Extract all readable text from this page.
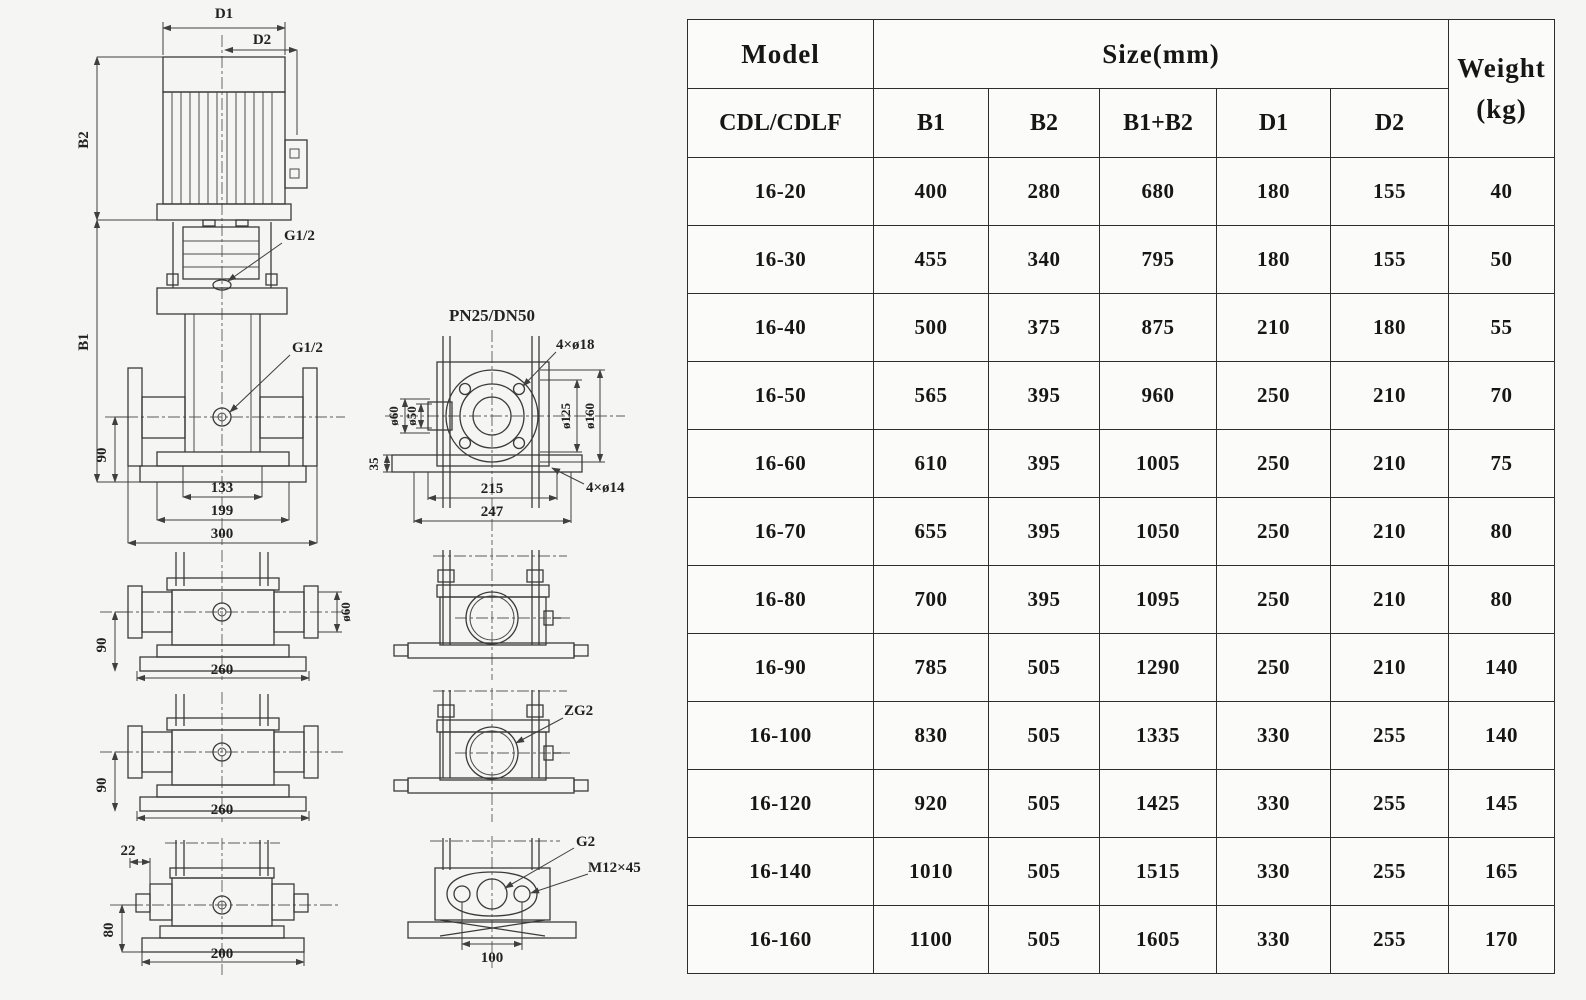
D1
D2
B2
B1
G1/2
G1/2
90
133
199
300
90
260
ø60
90
260
22
80
200
PN25/DN50
ø60 ø50	ø125 ø160
4×ø18
35
4×ø14
215
247
ZG2
G2
M12×45
100
Model	Size(mm)					Weight
(kg)
CDL/CDLF	B1	B2	B1+B2	D1	D2	
16-20	400	280	680	180	155	40
16-30	455	340	795	180	155	50
16-40	500	375	875	210	180	55
16-50	565	395	960	250	210	70
16-60	610	395	1005	250	210	75
16-70	655	395	1050	250	210	80
16-80	700	395	1095	250	210	80
16-90	785	505	1290	250	210	140
16-100	830	505	1335	330	255	140
16-120	920	505	1425	330	255	145
16-140	1010	505	1515	330	255	165
16-160	1100	505	1605	330	255	170
